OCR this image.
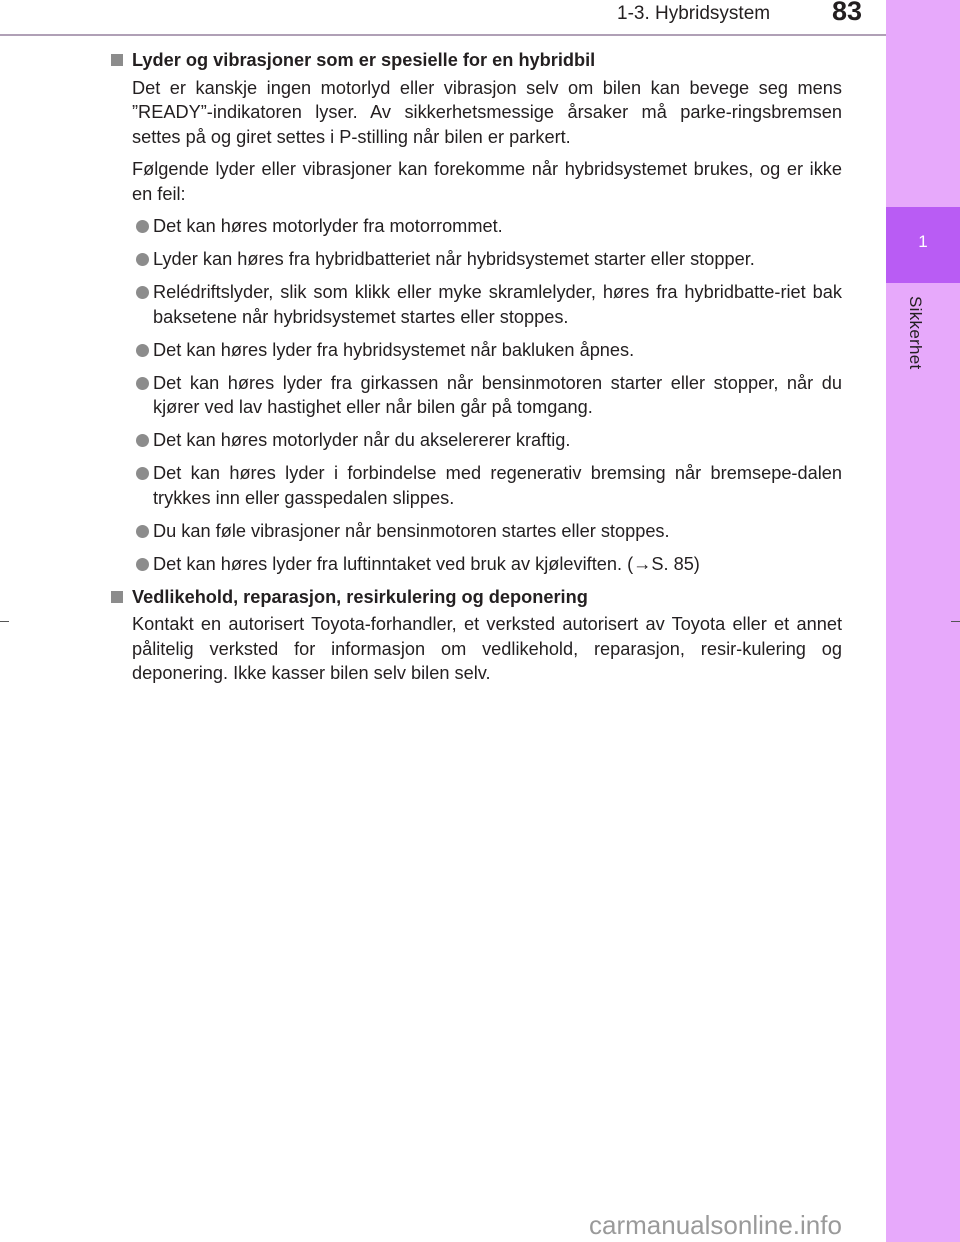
1-3. Hybridsystem 83
1
Sikkerhet
Lyder og vibrasjoner som er spesielle for en hybridbil
Det er kanskje ingen motorlyd eller vibrasjon selv om bilen kan bevege seg mens ”READY”-indikatoren lyser. Av sikkerhetsmessige årsaker må parke-ringsbremsen settes på og giret settes i P-stilling når bilen er parkert.
Følgende lyder eller vibrasjoner kan forekomme når hybridsystemet brukes, og er ikke en feil:
Det kan høres motorlyder fra motorrommet.
Lyder kan høres fra hybridbatteriet når hybridsystemet starter eller stopper.
Relédriftslyder, slik som klikk eller myke skramlelyder, høres fra hybridbatte-riet bak baksetene når hybridsystemet startes eller stoppes.
Det kan høres lyder fra hybridsystemet når bakluken åpnes.
Det kan høres lyder fra girkassen når bensinmotoren starter eller stopper, når du kjører ved lav hastighet eller når bilen går på tomgang.
Det kan høres motorlyder når du akselererer kraftig.
Det kan høres lyder i forbindelse med regenerativ bremsing når bremsepe-dalen trykkes inn eller gasspedalen slippes.
Du kan føle vibrasjoner når bensinmotoren startes eller stoppes.
Det kan høres lyder fra luftinntaket ved bruk av kjøleviften. (→S. 85)
Vedlikehold, reparasjon, resirkulering og deponering
Kontakt en autorisert Toyota-forhandler, et verksted autorisert av Toyota eller et annet pålitelig verksted for informasjon om vedlikehold, reparasjon, resir-kulering og deponering. Ikke kasser bilen selv bilen selv.
carmanualsonline.info
